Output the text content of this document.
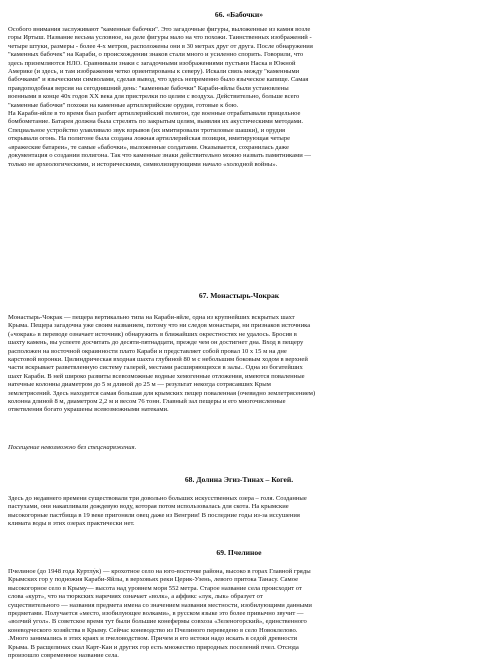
66. «Бабочки»
Особого внимания заслуживают "каменные бабочки". Это загадочные фигуры, выложенные из камня возле
горы Иртыш. Название весьма условное, на деле фигуры мало на что похожи. Таинственных изображений -
четыре штуки, размеры - более 4-х метров, расположены они в 30 метрах друг от друга. После обнаружения
"каменных бабочек" на Караби, о происхождении знаков стали много и усиленно спорить. Говорили, что
здесь приземляются НЛО. Сравнивали знаки с загадочными изображениями пустыни Наска в Южной
Америке (и здесь, и там изображения четко ориентированы к северу). Искали связь между "каменными
бабочками" и языческими символами, сделав вывод, что здесь непременно было языческое капище. Самая
правдоподобная версия на сегодняшний день: "каменные бабочки" Караби-яйлы были установлены
военными в конце 40х годов ХХ века для пристрелки по целям с воздуха. Действительно, больше всего
"каменные бабочки" похожи на каменные артиллерийские орудия, готовые к бою.
На Караби-яйле в то время был разбит артиллерийский полигон, где военные отрабатывали прицельное
бомбометание. Батарея должна была стрелять по закрытым целям, выявляя их акустическими методами.
Специальное устройство улавливало звук взрывов (их имитировали тротиловые шашки), и орудия
открывали огонь. На полигоне была создана ложная артиллерийская позиция, имитирующая четыре
«вражеские батареи», те самые «бабочки», выложенные солдатами. Оказывается, сохранилась даже
документация о создании полигона. Так что каменные знаки действительно можно назвать памятниками —
только не археологическими, и историческими, символизирующими начало «холодной войны».
67. Монастырь-Чокрак
Монастырь-Чокрак — пещера вертикально типа на Караби-яйле, одна из крупнейших вскрытых шахт
Крыма. Пещера загадочна уже своим названием, потому что ни следов монастыря, ни признаков источника
(«чокрак» в переводе означает источник) обнаружить в ближайших окрестностях не удалось. Бросив в
шахту камень, вы успеете досчитать до десяти-пятнадцати, прежде чем он достигнет дна. Вход в пещеру
расположен на восточной окраинности плато Караби и представляет собой провал 10 х 15 м на дне
карстовой воронки. Цилиндрическая входная шахта глубиной 80 м с небольшим боковым ходом в верхней
части вскрывает разветвленную систему галерей, местами расширяющихся в залы.. Одна из богатейших
шахт Караби. В ней широко развиты всевозможные водные хемогенные отложения, имеются поваленные
натечные колонны диаметром до 5 м длиной до 25 м — результат некогда сотрясавших Крым
землетрясений. Здесь находится самая большая для крымских пещер поваленная (очевидно землетрясением)
колонна длиной 8 м, диаметром 2,2 м и весом 76 тонн. Главный зал пещеры и его многочисленные
ответвления богато украшены всевозможными натеками.
Посещение невозможно без спецснаряжения.
68. Долина Эгиз-Тинах – Когей.
Здесь до недавнего времени существовали три довольно больших искусственных озера – голя. Созданные
пастухами, они накапливали дождевую воду, которая потом использовалась для скота. На крымские
высокогорные пастбища в 19 веке пригоняли овец даже из Венгрии! В последние годы из-за иссушения
климата воды в этих озерах практически нет.
69. Пчелиное
Пчелиное (до 1948 года Куртлу́к) — крохотное село на юго-восточке района, высоко в горах Главной гряды
Крымских гор у подножия Караби-Яйлы, в верховьях реки Церик-Узень, левого притока Танасу. Самое
высокогорное село в Крыму— высота над уровнем моря 552 метра. Старое название села происходит от
слова «курт», что на тюркских наречиях означает «волк», а аффикс «лук, лык» образует от
существительного — названия предмета имена со значением названия местности, изобилующими данными
предметами. Получается «место, изобилующее волками», в русском языке это более привычно звучит —
«волчий угол». В советское время тут были большие конефермы совхоза «Зеленогорский», единственного
коневодческого хозяйства в Крыму. Сейчас коневодство из Пчелиного переведено в село Новоклелово.
.Много занимались в этих краях и пчеловодством. Причем и его истоки надо искать в седой древности
Крыма. В расщелинах скал Карт-Каи и других гор есть множество природных поселений пчел. Отсюда
произошло современное название села.
